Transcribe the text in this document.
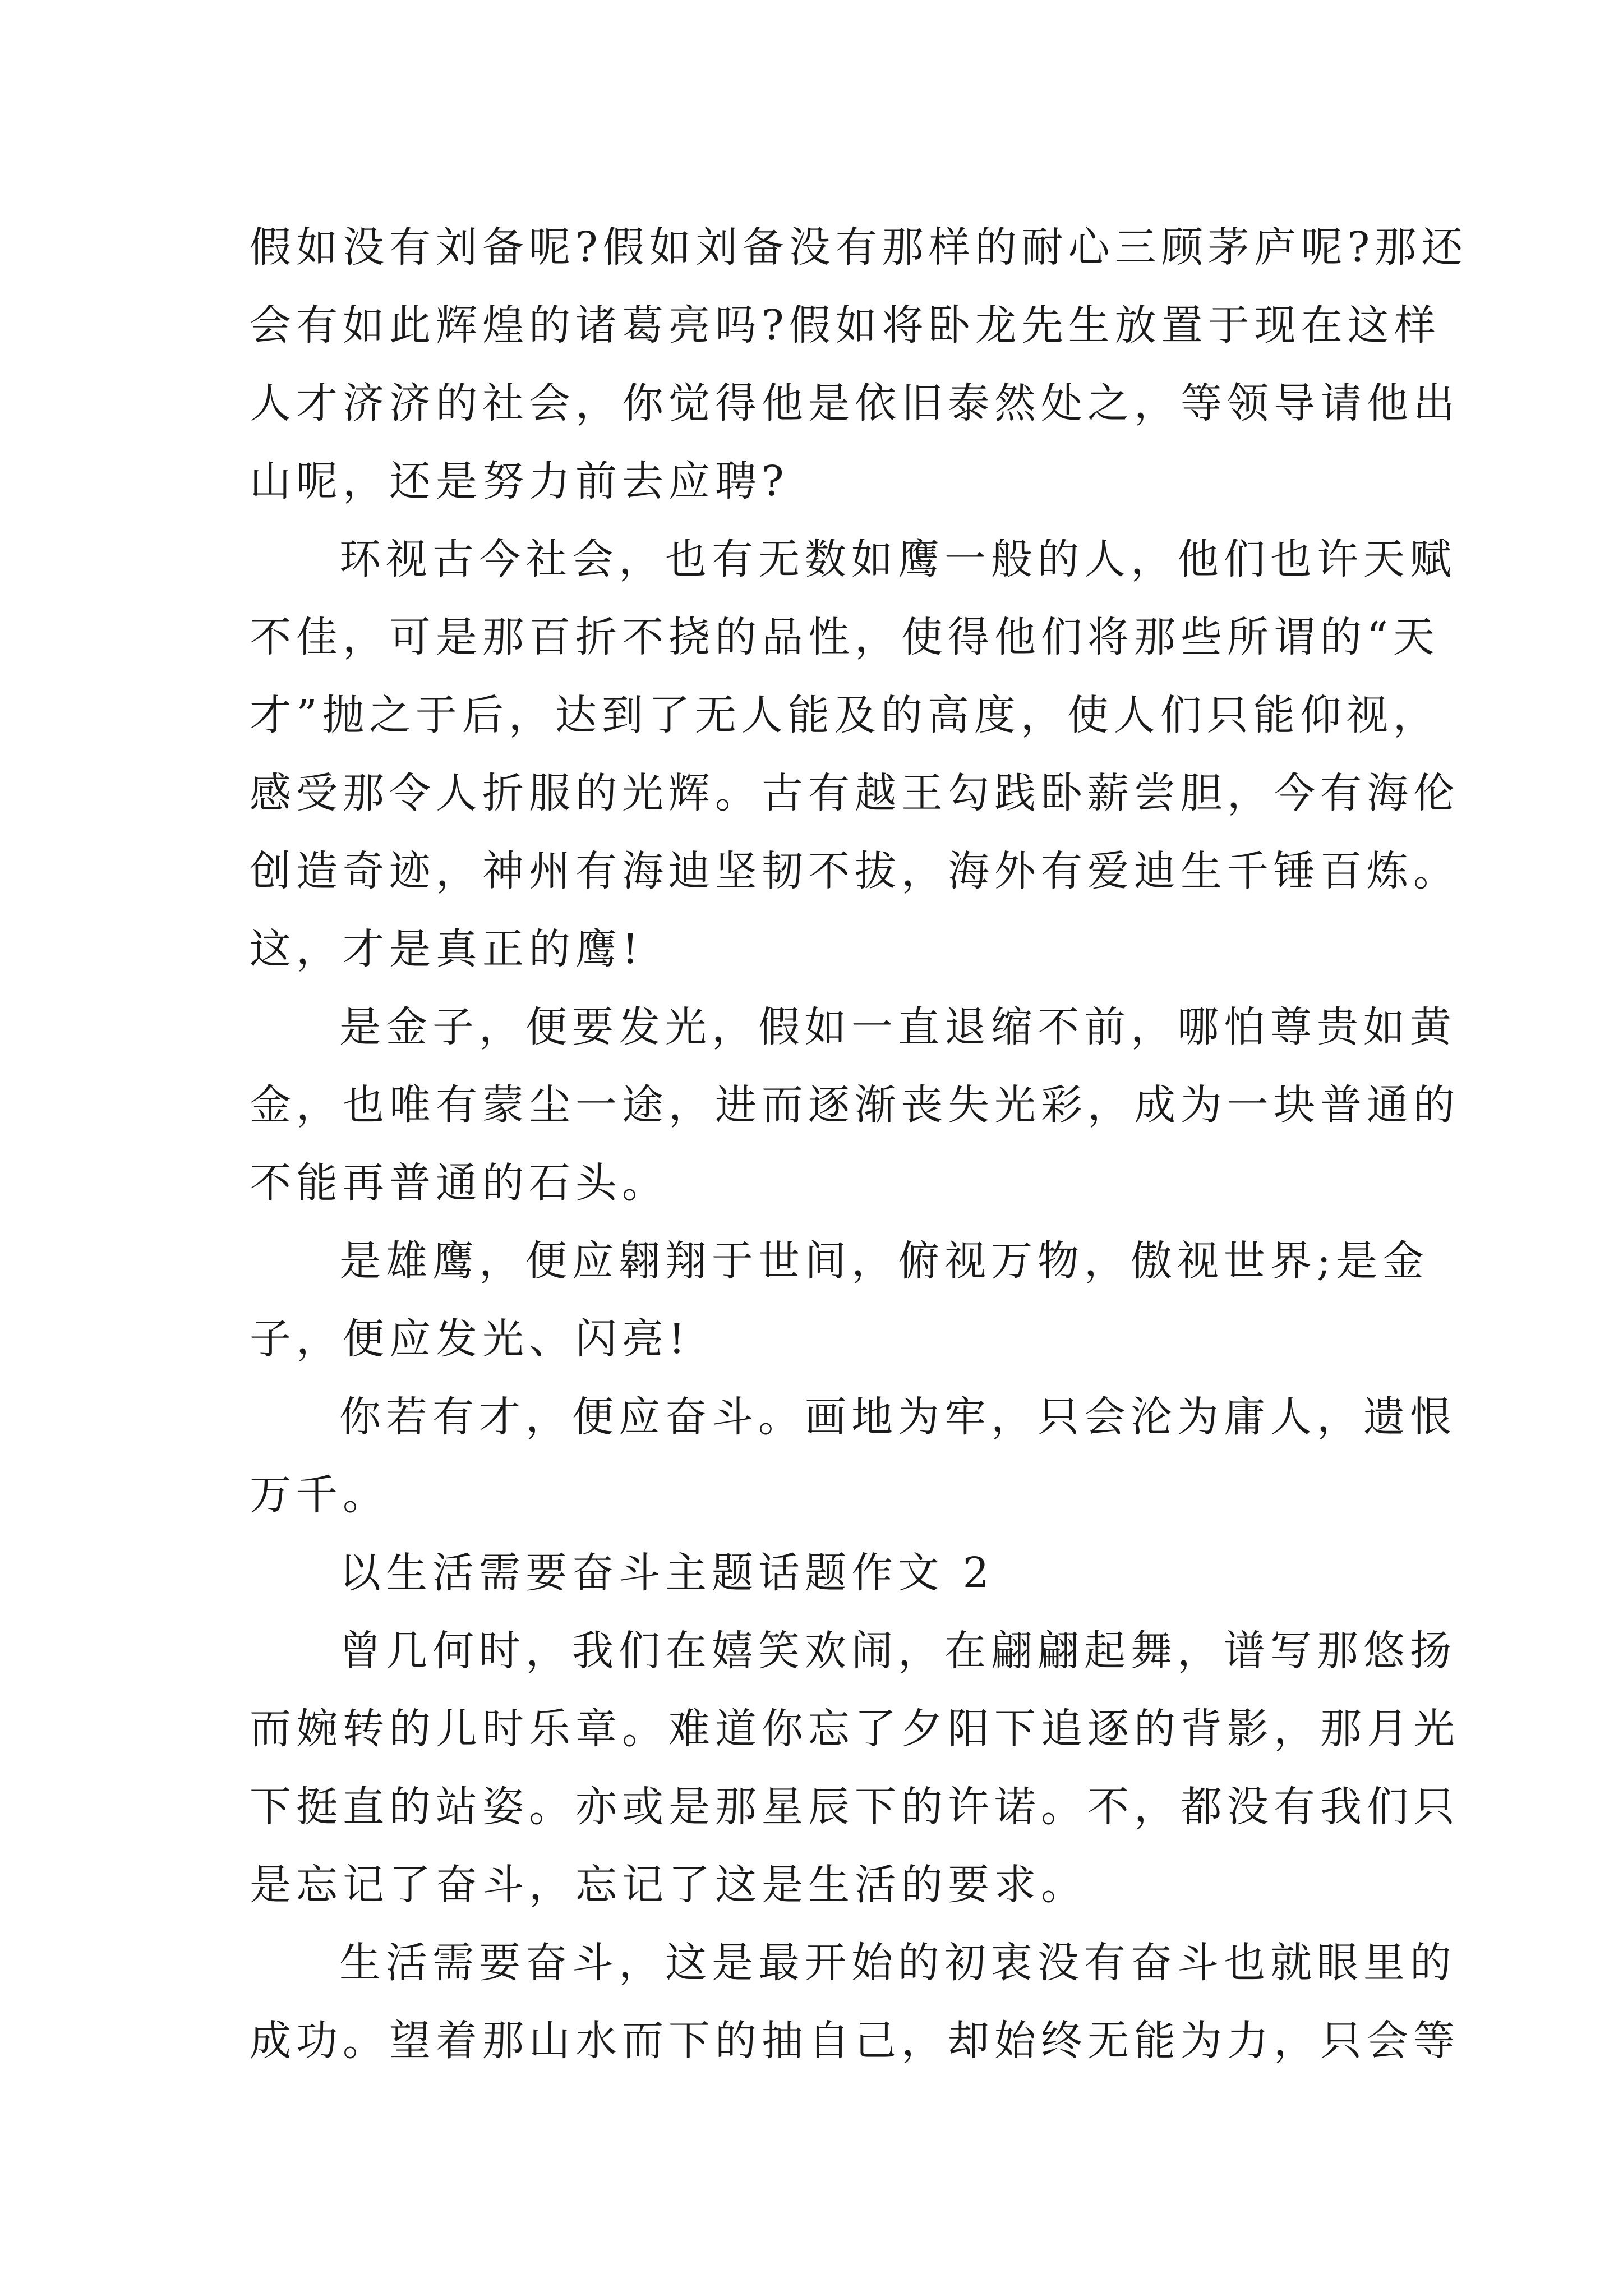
假如没有刘备呢?假如刘备没有那样的耐心三顾茅庐呢?那还
会有如此辉煌的诸葛亮吗?假如将卧龙先生放置于现在这样
人才济济的社会，你觉得他是依旧泰然处之，等领导请他出
山呢，还是努力前去应聘?
环视古今社会，也有无数如鹰一般的人，他们也许天赋
不佳，可是那百折不挠的品性，使得他们将那些所谓的“天
才”抛之于后，达到了无人能及的高度，使人们只能仰视，
感受那令人折服的光辉。古有越王勾践卧薪尝胆，今有海伦
创造奇迹，神州有海迪坚韧不拔，海外有爱迪生千锤百炼。
这，才是真正的鹰!
是金子，便要发光，假如一直退缩不前，哪怕尊贵如黄
金，也唯有蒙尘一途，进而逐渐丧失光彩，成为一块普通的
不能再普通的石头。
是雄鹰，便应翱翔于世间，俯视万物，傲视世界;是金
子，便应发光、闪亮!
你若有才，便应奋斗。画地为牢，只会沦为庸人，遗恨
万千。
以生活需要奋斗主题话题作文 2
曾几何时，我们在嬉笑欢闹，在翩翩起舞，谱写那悠扬
而婉转的儿时乐章。难道你忘了夕阳下追逐的背影，那月光
下挺直的站姿。亦或是那星辰下的许诺。不，都没有我们只
是忘记了奋斗，忘记了这是生活的要求。
生活需要奋斗，这是最开始的初衷没有奋斗也就眼里的
成功。望着那山水而下的抽自己，却始终无能为力，只会等
